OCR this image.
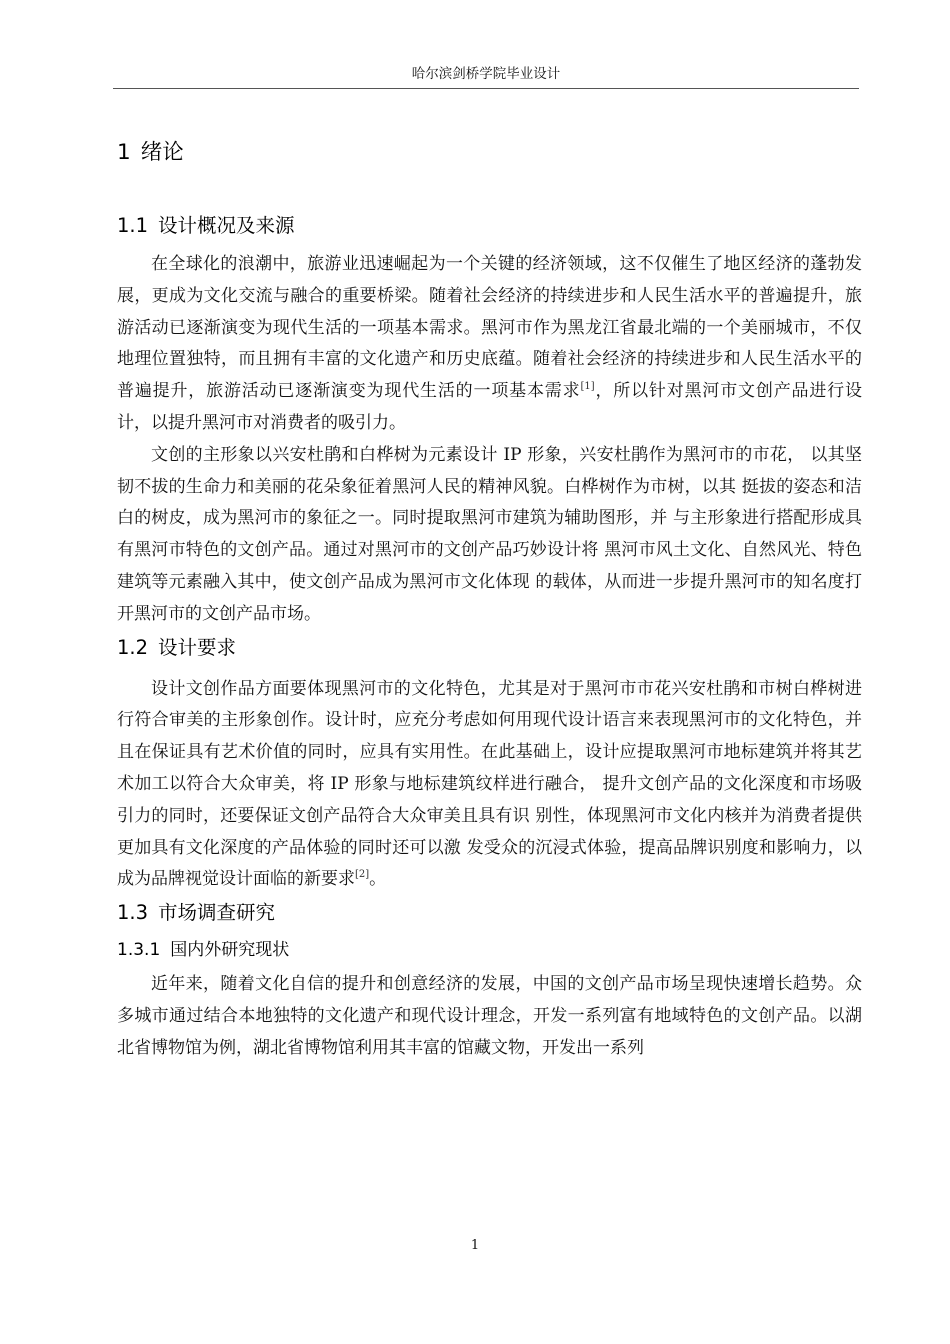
哈尔滨剑桥学院毕业设计
1 绪论
1.1 设计概况及来源

在全球化的浪潮中，旅游业迅速崛起为一个关键的经济领域，这不仅催生了地区经济的蓬勃发展，更成为文化交流与融合的重要桥梁。随着社会经济的持续进步和人民生活水平的普遍提升，旅游活动已逐渐演变为现代生活的一项基本需求。黑河市作为黑龙江省最北端的一个美丽城市，不仅地理位置独特，而且拥有丰富的文化遗产和历史底蕴。随着社会经济的持续进步和人民生活水平的普遍提升，旅游活动已逐渐演变为现代生活的一项基本需求[1]，所以针对黑河市文创产品进行设计，以提升黑河市对消费者的吸引力。

文创的主形象以兴安杜鹃和白桦树为元素设计 IP 形象，兴安杜鹃作为黑河市的市花， 以其坚韧不拔的生命力和美丽的花朵象征着黑河人民的精神风貌。白桦树作为市树，以其 挺拔的姿态和洁白的树皮，成为黑河市的象征之一。同时提取黑河市建筑为辅助图形，并 与主形象进行搭配形成具有黑河市特色的文创产品。通过对黑河市的文创产品巧妙设计将 黑河市风土文化、自然风光、特色建筑等元素融入其中，使文创产品成为黑河市文化体现 的载体，从而进一步提升黑河市的知名度打开黑河市的文创产品市场。

1.2 设计要求

设计文创作品方面要体现黑河市的文化特色，尤其是对于黑河市市花兴安杜鹃和市树白桦树进行符合审美的主形象创作。设计时，应充分考虑如何用现代设计语言来表现黑河市的文化特色，并且在保证具有艺术价值的同时，应具有实用性。在此基础上，设计应提取黑河市地标建筑并将其艺术加工以符合大众审美，将 IP 形象与地标建筑纹样进行融合， 提升文创产品的文化深度和市场吸引力的同时，还要保证文创产品符合大众审美且具有识 别性，体现黑河市文化内核并为消费者提供更加具有文化深度的产品体验的同时还可以激 发受众的沉浸式体验，提高品牌识别度和影响力，以成为品牌视觉设计面临的新要求[2]。

1.3 市场调查研究
1.3.1 国内外研究现状

近年来，随着文化自信的提升和创意经济的发展，中国的文创产品市场呈现快速增长趋势。众多城市通过结合本地独特的文化遗产和现代设计理念，开发一系列富有地域特色的文创产品。以湖北省博物馆为例，湖北省博物馆利用其丰富的馆藏文物，开发出一系列

1
